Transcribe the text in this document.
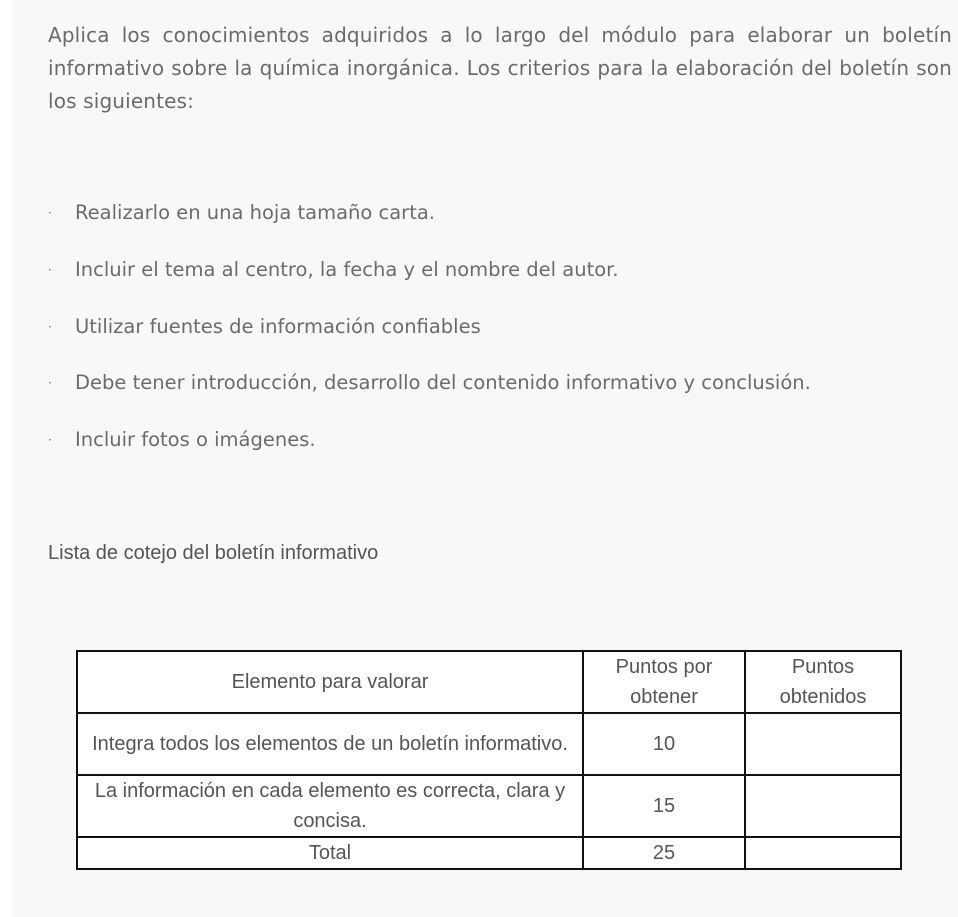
Aplica los conocimientos adquiridos a lo largo del módulo para elaborar un boletín informativo sobre la química inorgánica. Los criterios para la elaboración del boletín son los siguientes:

· Realizarlo en una hoja tamaño carta.
· Incluir el tema al centro, la fecha y el nombre del autor.
· Utilizar fuentes de información confiables
· Debe tener introducción, desarrollo del contenido informativo y conclusión.
· Incluir fotos o imágenes.
Lista de cotejo del boletín informativo
Elemento para valorar	Puntos por obtener	Puntos obtenidos
Integra todos los elementos de un boletín informativo.	10	
La información en cada elemento es correcta, clara y concisa.	15	
Total	25	
